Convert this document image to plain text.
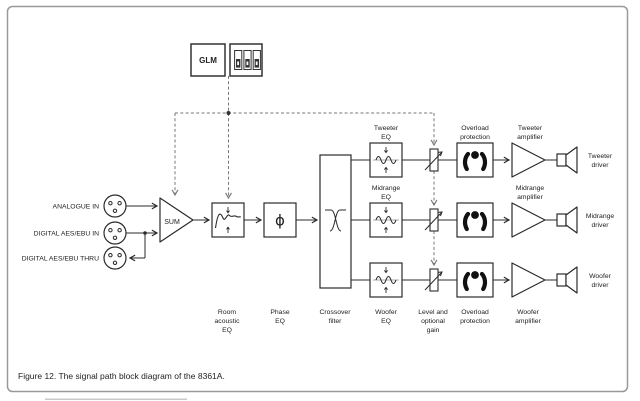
GLM
ANALOGUE IN
DIGITAL AES/EBU IN
DIGITAL AES/EBU THRU
SUM	ϕ
Tweeter
EQ
Overload
protection
Tweeter
amplifier
Midrange
EQ
Midrange
amplifier
Room
acoustic
EQ
Phase
EQ
Crossover
filter
Woofer
EQ
Level and
optional
gain
Overload
protection
Woofer
amplifier
Tweeter
driver
Midrange
driver
Woofer
driver
Figure 12. The signal path block diagram of the 8361A.
